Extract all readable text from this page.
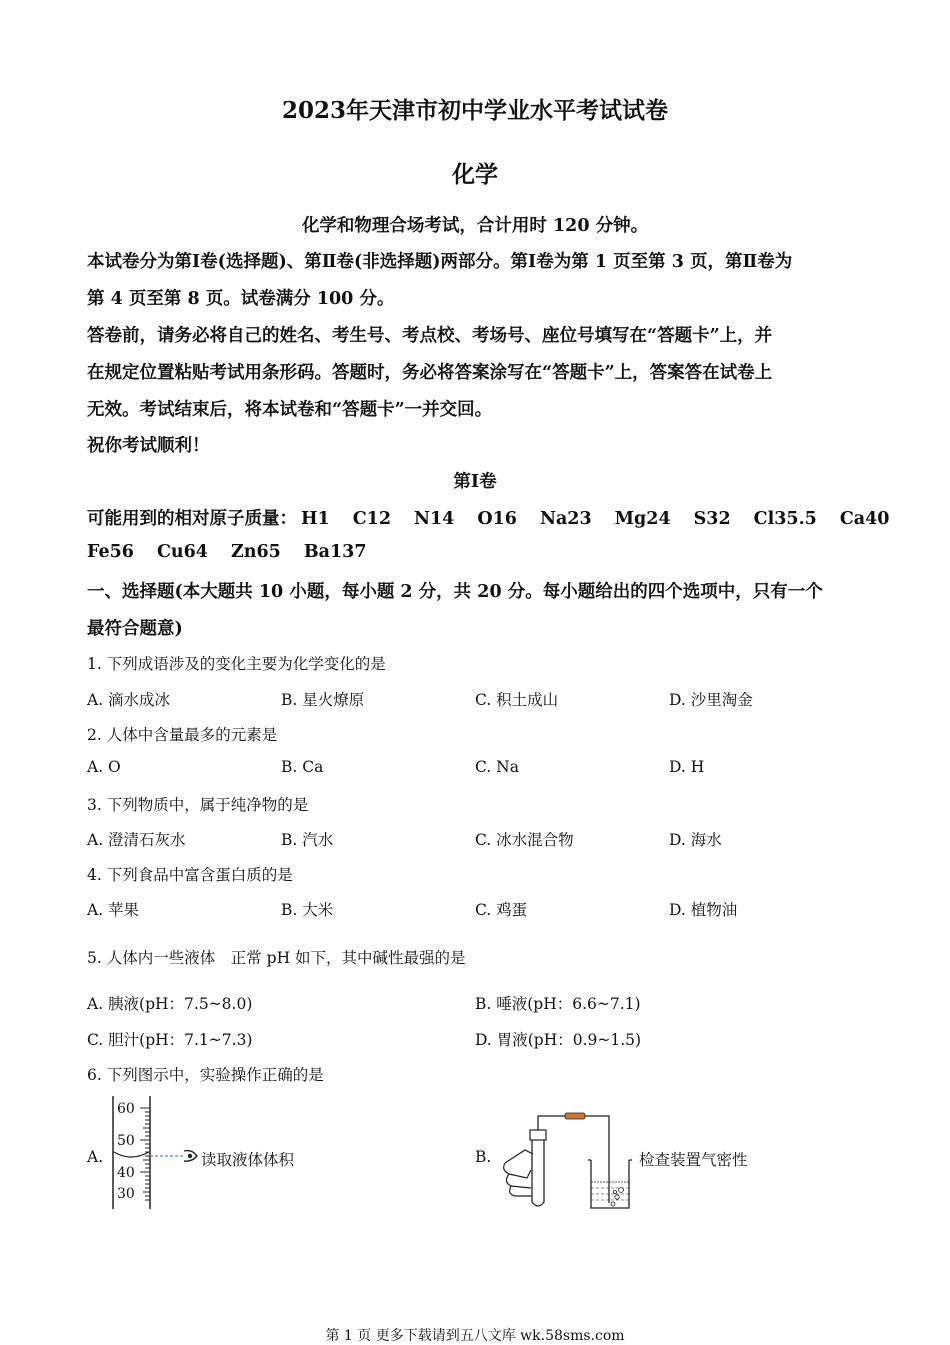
2023年天津市初中学业水平考试试卷
化学
化学和物理合场考试，合计用时 120 分钟。
本试卷分为第Ⅰ卷(选择题)、第Ⅱ卷(非选择题)两部分。第Ⅰ卷为第 1 页至第 3 页，第Ⅱ卷为
第 4 页至第 8 页。试卷满分 100 分。
答卷前，请务必将自己的姓名、考生号、考点校、考场号、座位号填写在“答题卡”上，并
在规定位置粘贴考试用条形码。答题时，务必将答案涂写在“答题卡”上，答案答在试卷上
无效。考试结束后，将本试卷和“答题卡”一并交回。
祝你考试顺利！
第Ⅰ卷
可能用到的相对原子质量： H1 C12 N14 O16 Na23 Mg24 S32 Cl35.5 Ca40
Fe56 Cu64 Zn65 Ba137
一、选择题(本大题共 10 小题，每小题 2 分，共 20 分。每小题给出的四个选项中，只有一个
最符合题意)
1. 下列成语涉及的变化主要为化学变化的是
A. 滴水成冰	B. 星火燎原	C. 积土成山	D. 沙里淘金
2. 人体中含量最多的元素是
A. O	B. Ca	C. Na	D. H
3. 下列物质中，属于纯净物的是
A. 澄清石灰水	B. 汽水	C. 冰水混合物	D. 海水
4. 下列食品中富含蛋白质的是
A. 苹果	B. 大米	C. 鸡蛋	D. 植物油
5. 人体内一些液体　正常 pH 如下，其中碱性最强的是
A. 胰液(pH：7.5~8.0)	B. 唾液(pH：6.6~7.1)
C. 胆汁(pH：7.1~7.3)	D. 胃液(pH：0.9~1.5)
6. 下列图示中，实验操作正确的是
A.	B.
60
50
40
30
读取液体体积	检查装置气密性
第 1 页 更多下载请到五八文库 wk.58sms.com
